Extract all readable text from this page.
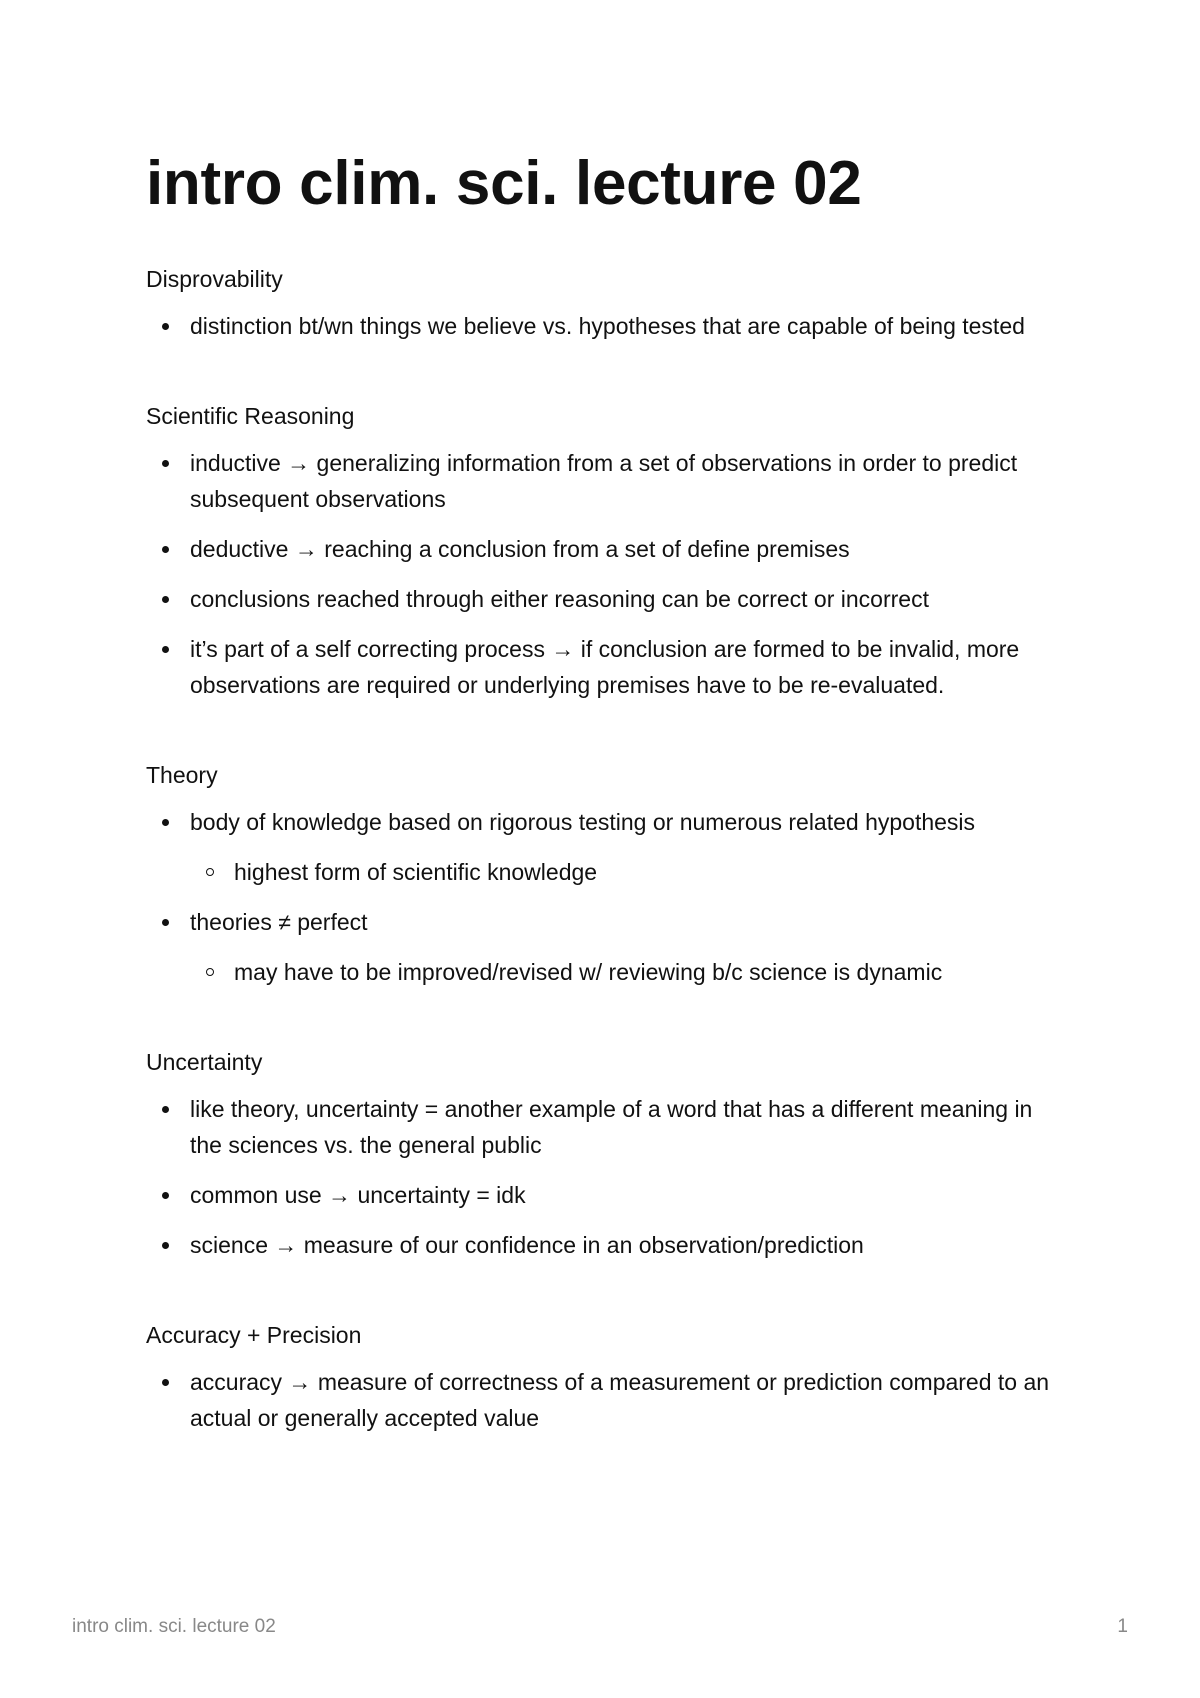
intro clim. sci. lecture 02
Disprovability
distinction bt/wn things we believe vs. hypotheses that are capable of being tested
Scientific Reasoning
inductive → generalizing information from a set of observations in order to predict subsequent observations
deductive → reaching a conclusion from a set of define premises
conclusions reached through either reasoning can be correct or incorrect
it’s part of a self correcting process → if conclusion are formed to be invalid, more observations are required or underlying premises have to be re-evaluated.
Theory
body of knowledge based on rigorous testing or numerous related hypothesis
highest form of scientific knowledge
theories ≠ perfect
may have to be improved/revised w/ reviewing b/c science is dynamic
Uncertainty
like theory, uncertainty = another example of a word that has a different meaning in the sciences vs. the general public
common use → uncertainty = idk
science → measure of our confidence in an observation/prediction
Accuracy + Precision
accuracy → measure of correctness of a measurement or prediction compared to an actual or generally accepted value
intro clim. sci. lecture 02	1
